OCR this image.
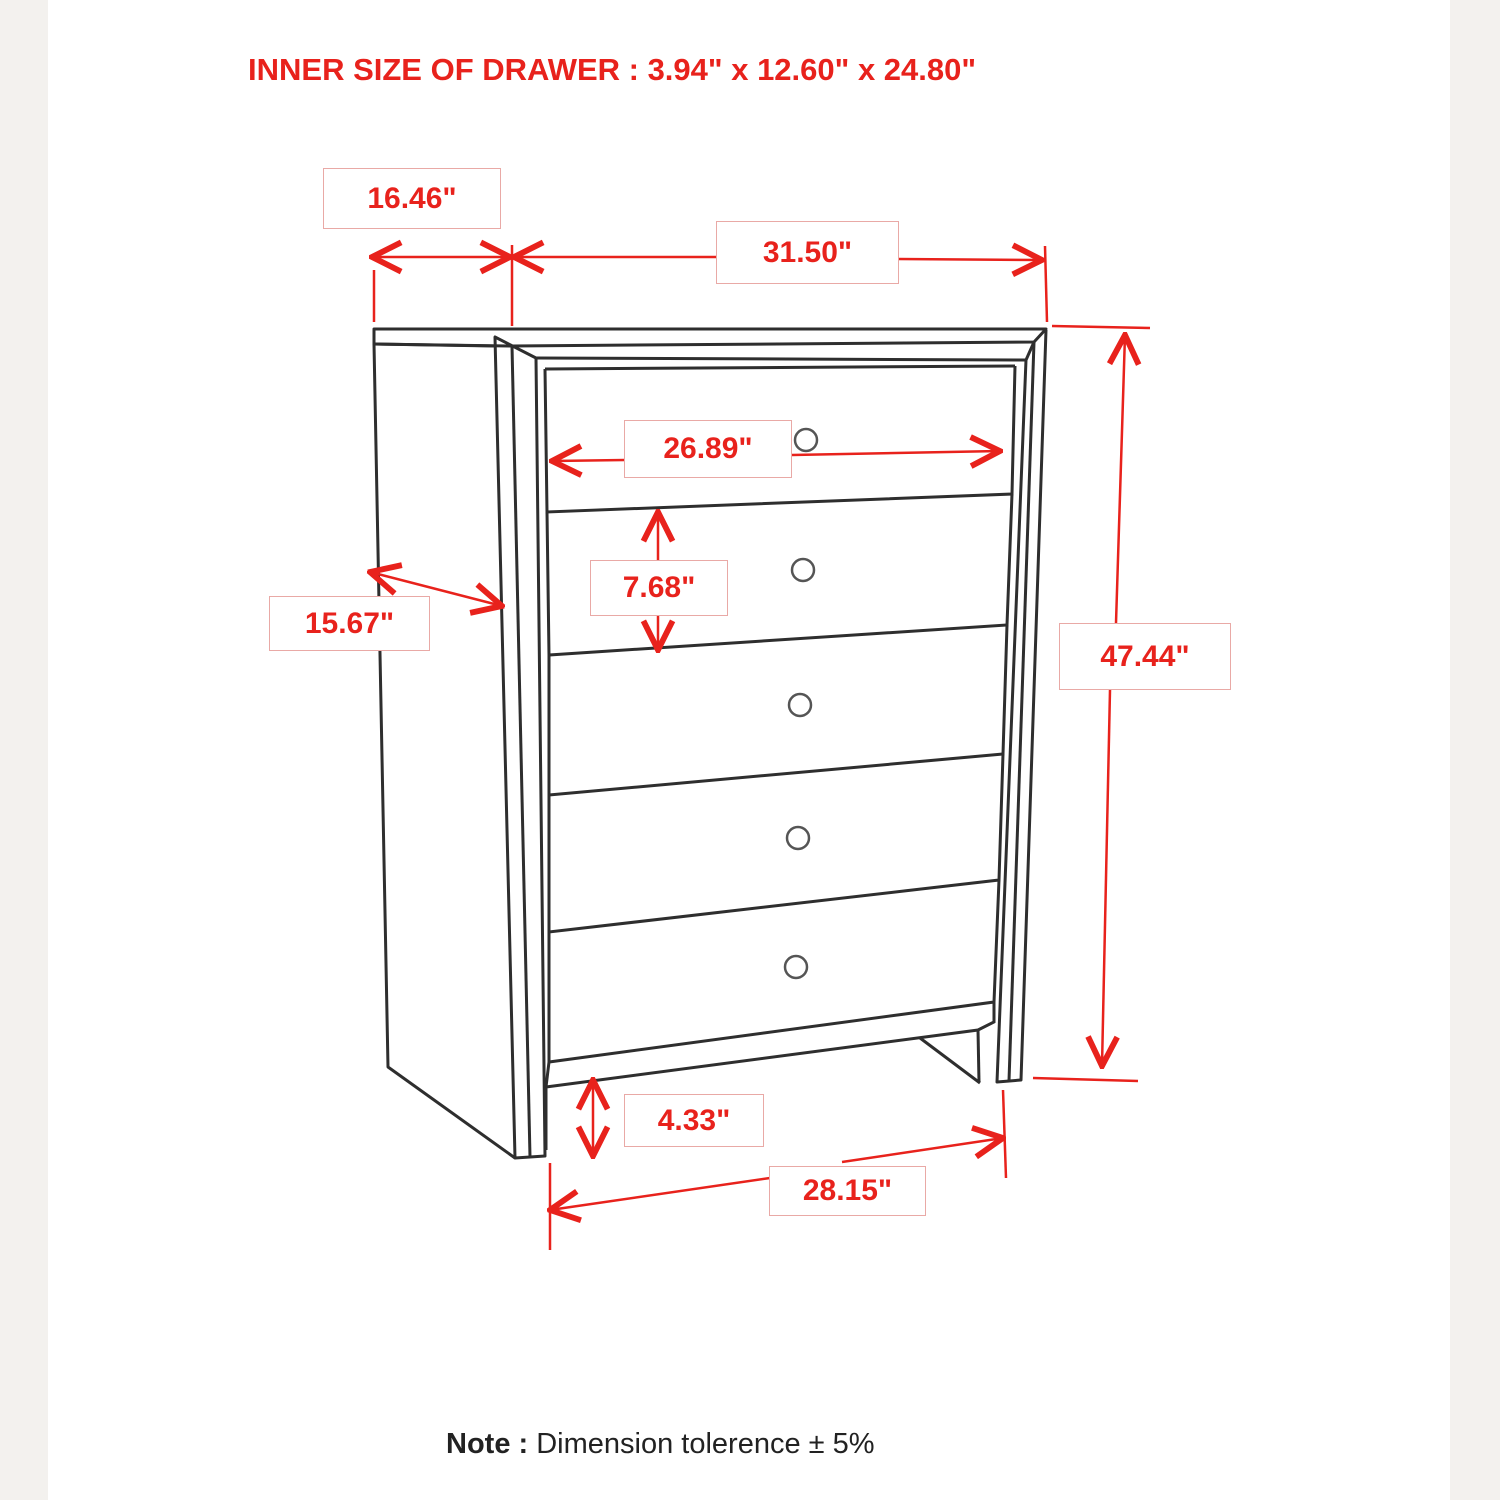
INNER SIZE OF DRAWER : 3.94" x 12.60" x 24.80"
16.46"
31.50"
26.89"
7.68"
15.67"
47.44"
4.33"
28.15"
Note : Dimension tolerence ± 5%
